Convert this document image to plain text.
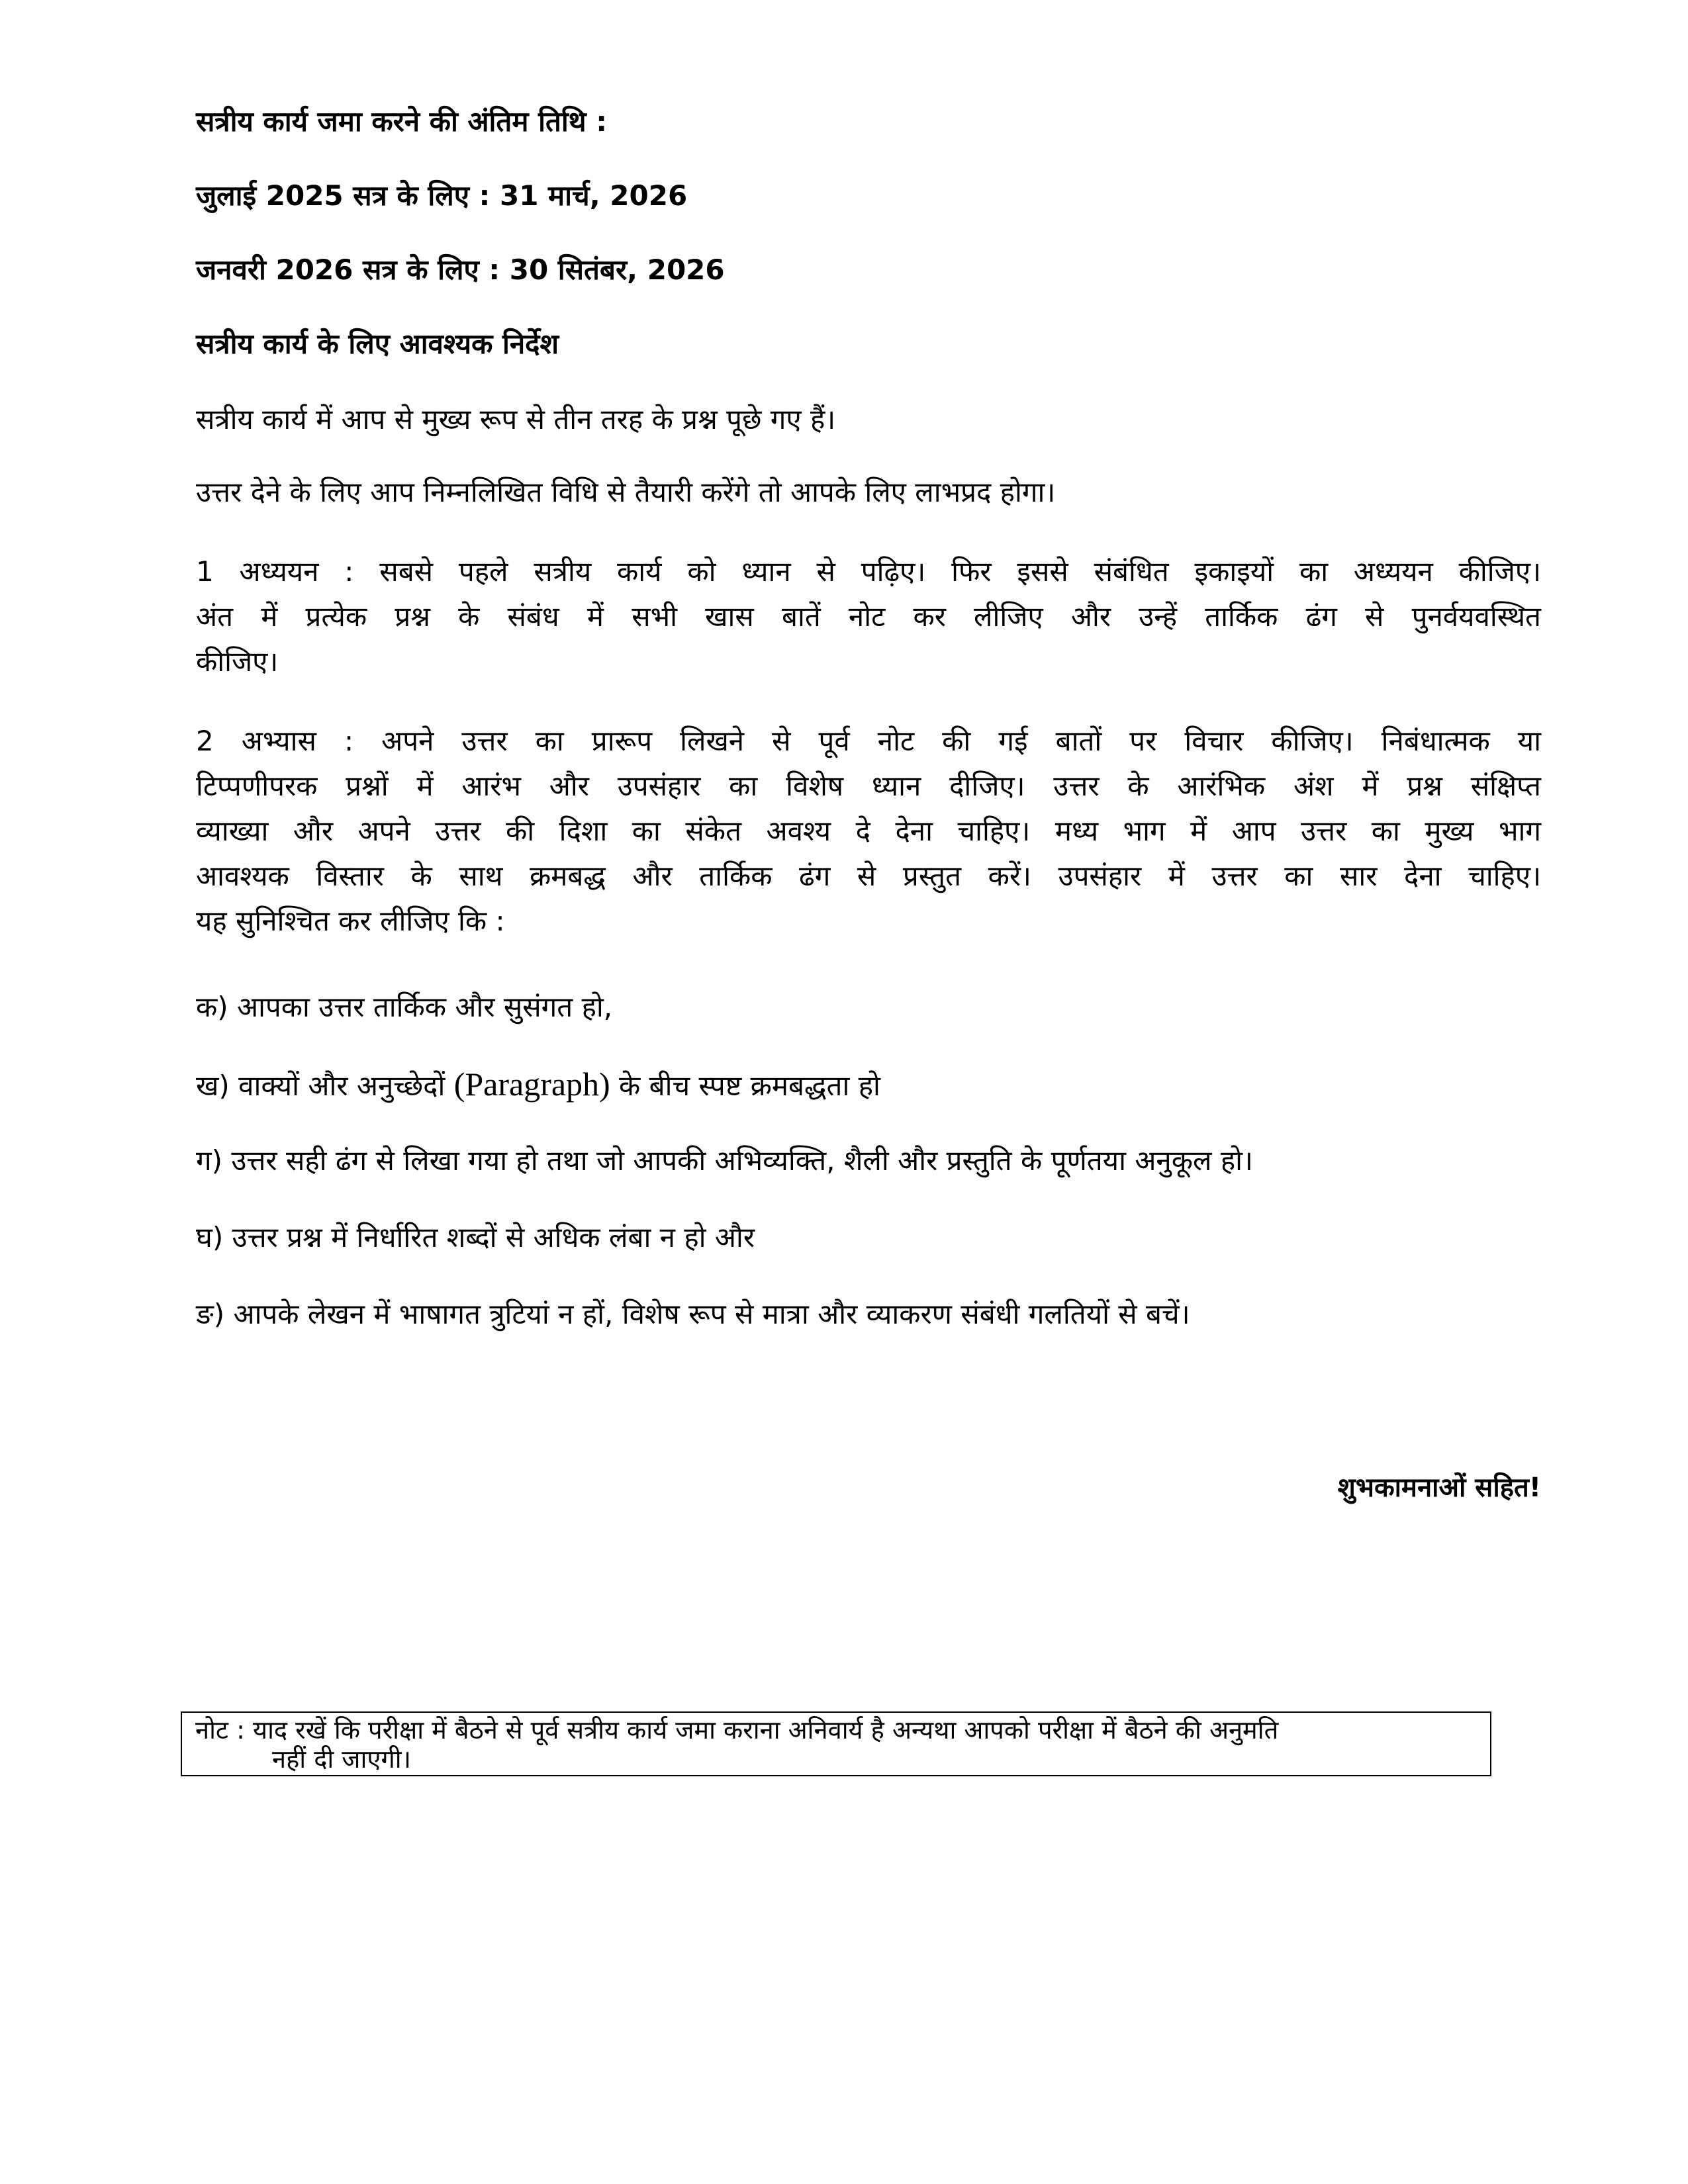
सत्रीय कार्य जमा करने की अंतिम तिथि :

जुलाई 2025 सत्र के लिए : 31 मार्च, 2026

जनवरी 2026 सत्र के लिए : 30 सितंबर, 2026

सत्रीय कार्य के लिए आवश्यक निर्देश

सत्रीय कार्य में आप से मुख्य रूप से तीन तरह के प्रश्न पूछे गए हैं।

उत्तर देने के लिए आप निम्नलिखित विधि से तैयारी करेंगे तो आपके लिए लाभप्रद होगा।

1 अध्ययन : सबसे पहले सत्रीय कार्य को ध्यान से पढ़िए। फिर इससे संबंधित इकाइयों का अध्ययन कीजिए।
अंत में प्रत्येक प्रश्न के संबंध में सभी खास बातें नोट कर लीजिए और उन्हें तार्किक ढंग से पुनर्वयवस्थित
कीजिए।
2 अभ्यास : अपने उत्तर का प्रारूप लिखने से पूर्व नोट की गई बातों पर विचार कीजिए। निबंधात्मक या
टिप्पणीपरक प्रश्नों में आरंभ और उपसंहार का विशेष ध्यान दीजिए। उत्तर के आरंभिक अंश में प्रश्न संक्षिप्त
व्याख्या और अपने उत्तर की दिशा का संकेत अवश्य दे देना चाहिए। मध्य भाग में आप उत्तर का मुख्य भाग
आवश्यक विस्तार के साथ क्रमबद्ध और तार्किक ढंग से प्रस्तुत करें। उपसंहार में उत्तर का सार देना चाहिए।
यह सुनिश्चित कर लीजिए कि :

क) आपका उत्तर तार्किक और सुसंगत हो,

ख) वाक्यों और अनुच्छेदों (Paragraph) के बीच स्पष्ट क्रमबद्धता हो

ग) उत्तर सही ढंग से लिखा गया हो तथा जो आपकी अभिव्यक्ति, शैली और प्रस्तुति के पूर्णतया अनुकूल हो।

घ) उत्तर प्रश्न में निर्धारित शब्दों से अधिक लंबा न हो और

ङ) आपके लेखन में भाषागत त्रुटियां न हों, विशेष रूप से मात्रा और व्याकरण संबंधी गलतियों से बचें।

शुभकामनाओं सहित!

नोट : याद रखें कि परीक्षा में बैठने से पूर्व सत्रीय कार्य जमा कराना अनिवार्य है अन्यथा आपको परीक्षा में बैठने की अनुमति
नहीं दी जाएगी।
